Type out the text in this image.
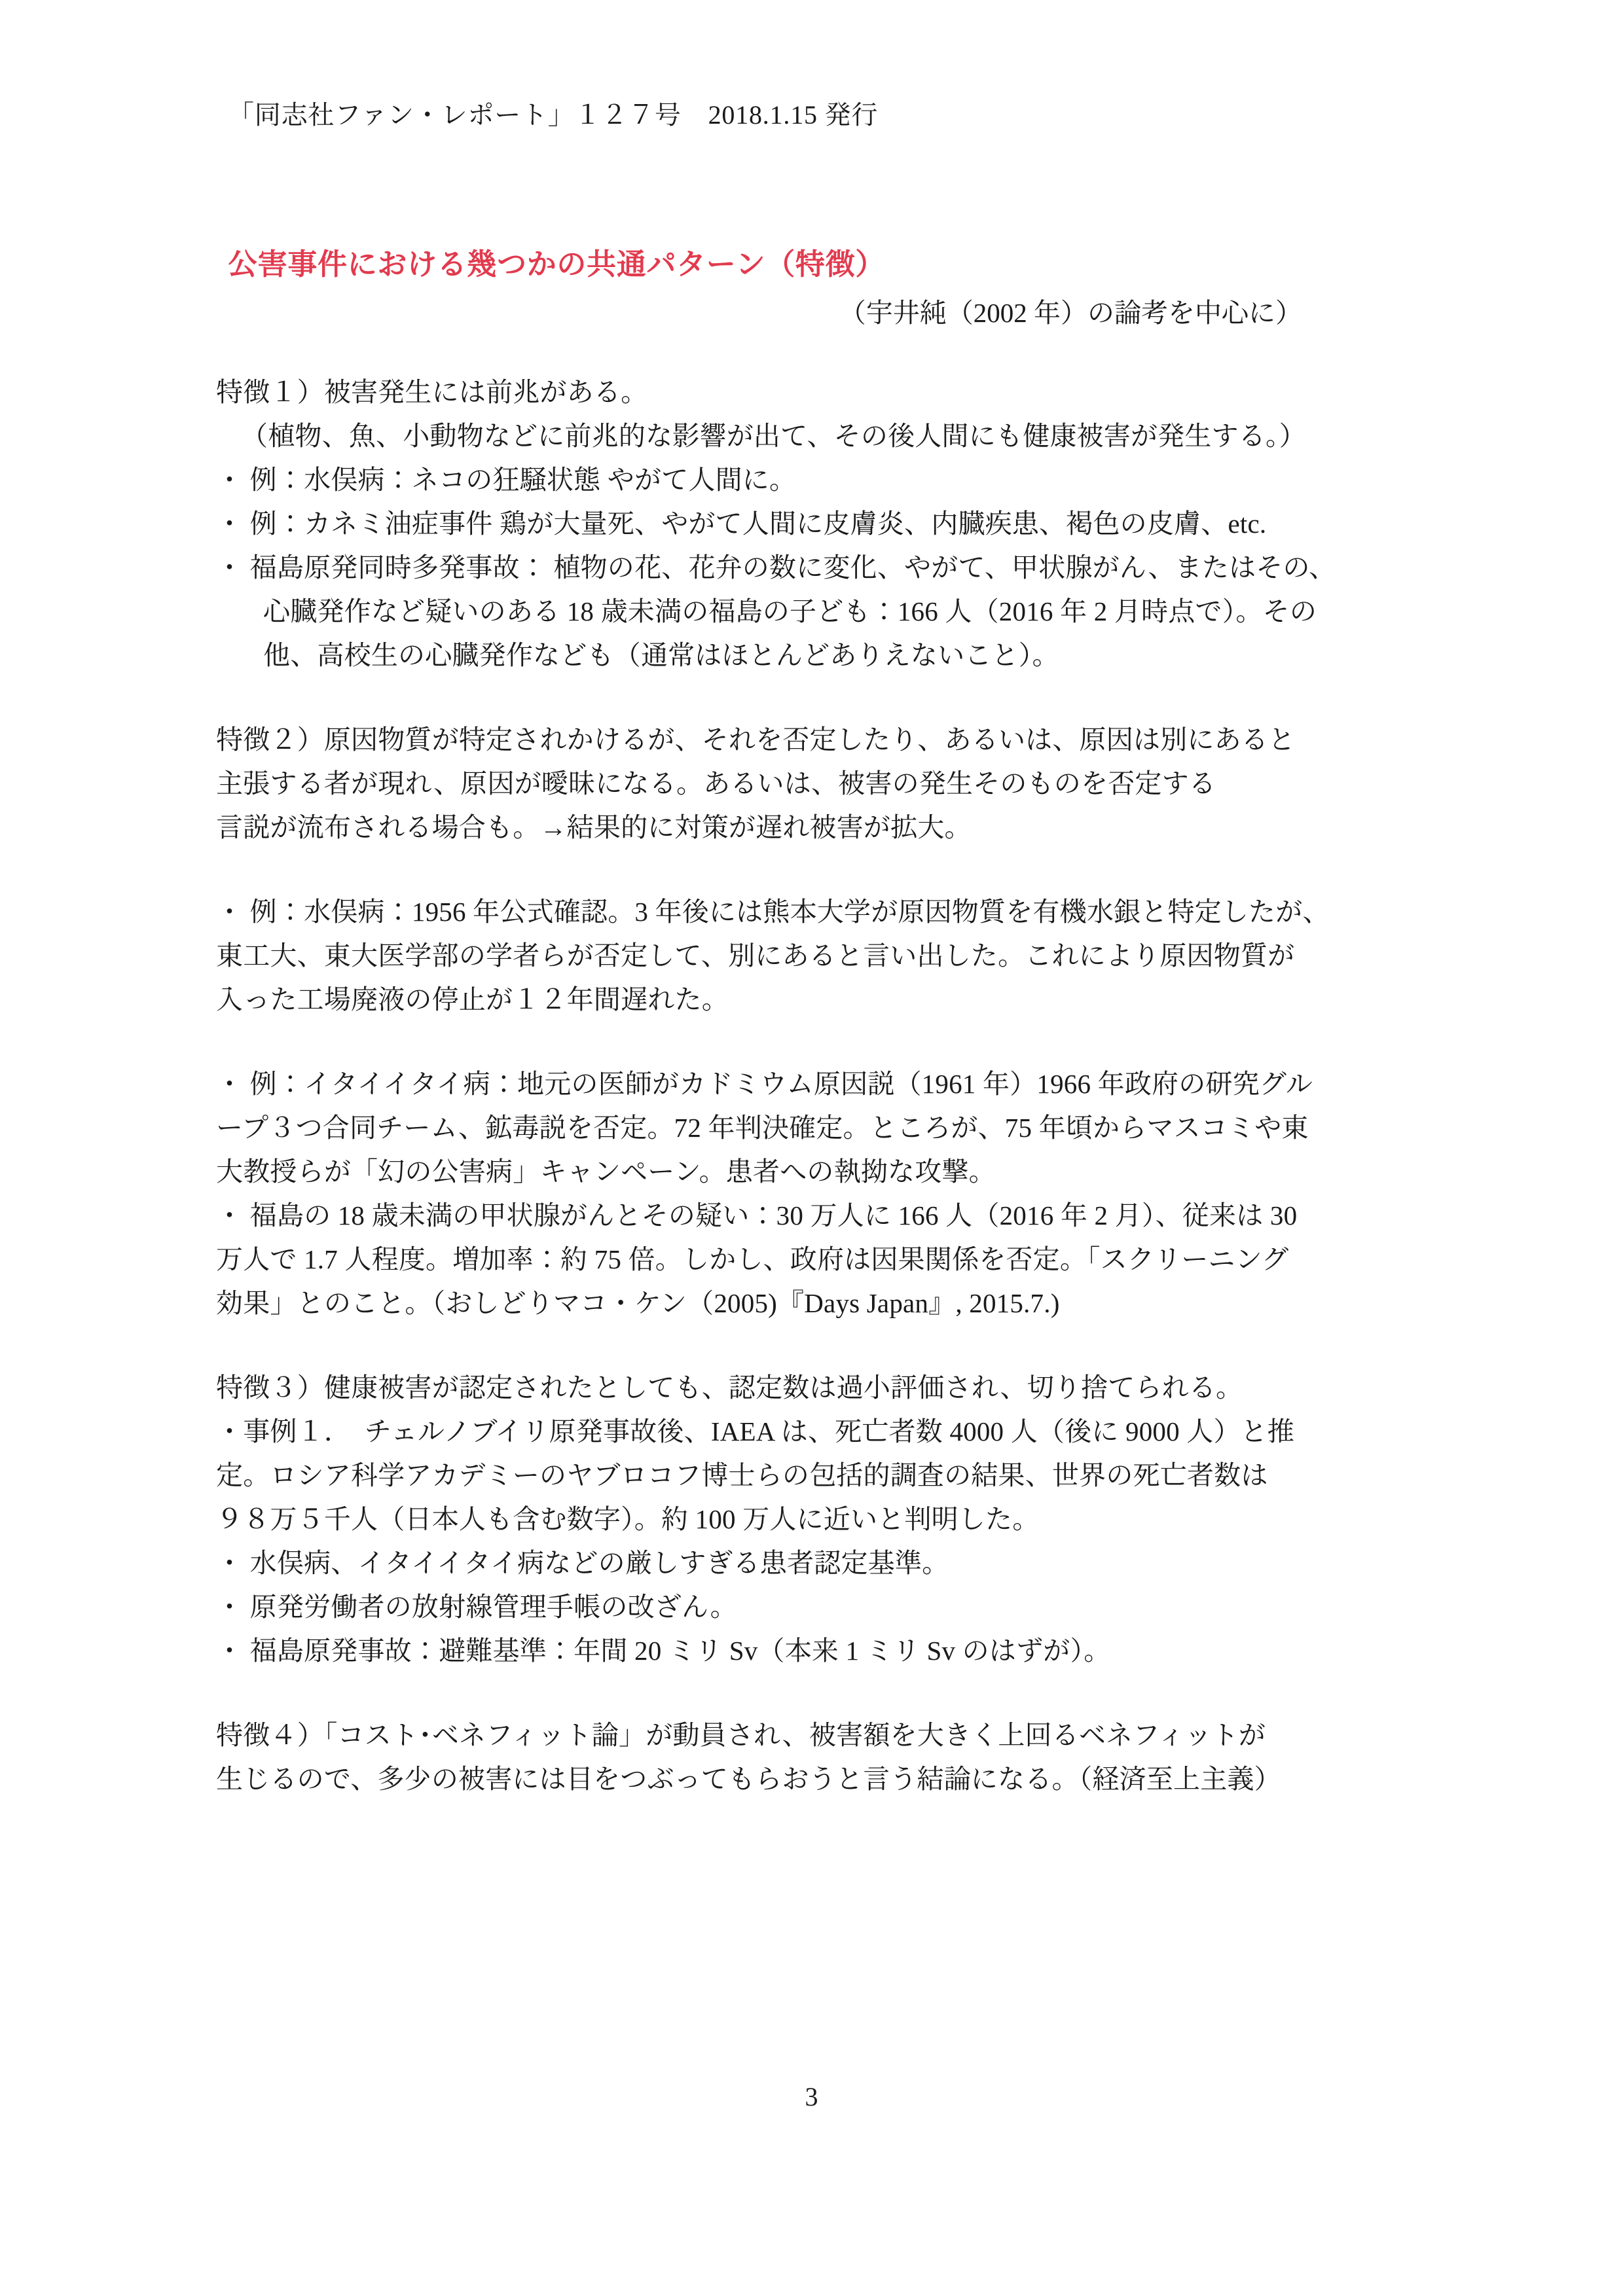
「同志社ファン・レポート」１２７号　2018.1.15 発行
公害事件における幾つかの共通パターン（特徴）
（宇井純（2002 年）の論考を中心に）

特徴１）被害発生には前兆がある。

（植物、魚、小動物などに前兆的な影響が出て、その後人間にも健康被害が発生する。）

・ 例：水俣病：ネコの狂騒状態 やがて人間に。

・ 例：カネミ油症事件 鶏が大量死、やがて人間に皮膚炎、内臓疾患、褐色の皮膚、etc.

・ 福島原発同時多発事故： 植物の花、花弁の数に変化、やがて、甲状腺がん、またはその、

心臓発作など疑いのある 18 歳未満の福島の子ども：166 人（2016 年 2 月時点で）。その

他、高校生の心臓発作なども（通常はほとんどありえないこと）。

特徴２）原因物質が特定されかけるが、それを否定したり、あるいは、原因は別にあると

主張する者が現れ、原因が曖昧になる。あるいは、被害の発生そのものを否定する

言説が流布される場合も。→結果的に対策が遅れ被害が拡大。

・ 例：水俣病：1956 年公式確認。3 年後には熊本大学が原因物質を有機水銀と特定したが、

東工大、東大医学部の学者らが否定して、別にあると言い出した。これにより原因物質が

入った工場廃液の停止が１２年間遅れた。

・ 例：イタイイタイ病：地元の医師がカドミウム原因説（1961 年）1966 年政府の研究グル

ープ３つ合同チーム、鉱毒説を否定。72 年判決確定。ところが、75 年頃からマスコミや東

大教授らが「幻の公害病」キャンペーン。患者への執拗な攻撃。

・ 福島の 18 歳未満の甲状腺がんとその疑い：30 万人に 166 人（2016 年 2 月）、従来は 30

万人で 1.7 人程度。増加率：約 75 倍。しかし、政府は因果関係を否定。「スクリーニング

効果」とのこと。（おしどりマコ・ケン（2005)『Days Japan』, 2015.7.)

特徴３）健康被害が認定されたとしても、認定数は過小評価され、切り捨てられる。

・事例１．　チェルノブイリ原発事故後、IAEA は、死亡者数 4000 人（後に 9000 人）と推

定。ロシア科学アカデミーのヤブロコフ博士らの包括的調査の結果、世界の死亡者数は

９８万５千人（日本人も含む数字）。約 100 万人に近いと判明した。

・ 水俣病、イタイイタイ病などの厳しすぎる患者認定基準。

・ 原発労働者の放射線管理手帳の改ざん。

・ 福島原発事故：避難基準：年間 20 ミリ Sv（本来 1 ミリ Sv のはずが）。

特徴４）「コスト･ベネフィット論」が動員され、被害額を大きく上回るベネフィットが

生じるので、多少の被害には目をつぶってもらおうと言う結論になる。（経済至上主義）

3
